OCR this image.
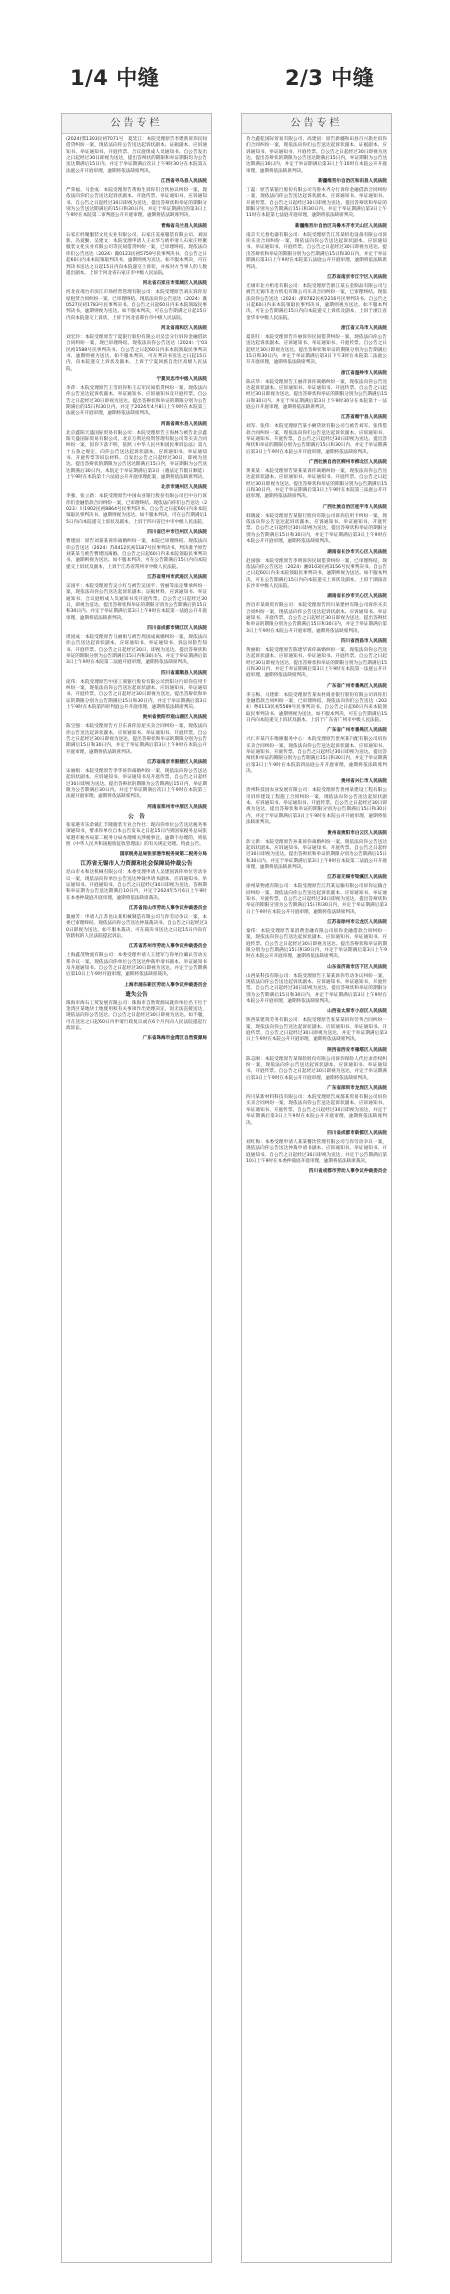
1/4 中缝	2/3 中缝
公告专栏
(2024)鄂1303民初7071号　夏廷江：本院受理原告李建新诉你民间借贷纠纷一案，现依法向你公告送达起诉状副本、证据副本、应诉通知书、举证通知书、开庭传票、合议庭组成人员通知书。自公告发出之日起经过30日即视为送达，提出答辩状的期限和举证期限均为公告送达期满后15日内。并定于举证期满后次日上午9时30分在本院第五法庭公开开庭审理，逾期将依法缺席判决。
江西省寻乌县人民法院
严荣福、马金成：本院受理原告黄海生诉你们合伙协议纠纷一案，现依法向你们公告送达起诉状副本、开庭传票、举证通知书、应诉通知书。自公告之日起经过30日即视为送达，提出答辩状和举证的期限分别为公告送达期满后的15日和30日内，并定于举证期满后的第3日上午9时在本院第二审判庭公开开庭审理，逾期将依法缺席判决。
青海省乌兰县人民法院
石家庄经聚服装文化实业有限公司、石家庄美豪服装有限公司、刘国新、冯爱勤、吴建文：本院受理申请人王永华与被申请人石家庄经聚服装文化实业有限公司等民间借贷纠纷一案，已审理终结。现依法向你们公告送达（2024）冀0123民初5759号民事判决书。自公告之日起60日内来本院领取判决书，逾期则视为送达。如不服本判决，可在判决书送达之日起15日内向本院递交上诉状，并按对方当事人的人数提出副本，上诉于河北省石家庄市中级人民法院。
河北省石家庄市栾城区人民法院
河北省邢台市滨江市场经营管理有限公司：本院受理原告刘庆诉你房屋租赁合同纠纷一案，已审理终结。现依法向你公告送达（2024）冀0527民初1783号民事判决书。自公告之日起60日内来本院领取民事判决书，逾期则视为送达。如不服本判决，可在公告期满之日起15日内向本院递交上诉状，上诉于河北省邢台市中级人民法院。
河北省南和区人民法院
刘宏玲：本院受理原告宁夏银行股份有限公司吴忠分行诉你金融借款合同纠纷一案，现已审理终结。现依法向你公告送达（2024）宁03民初1588号民事判决书。自公告之日起60日内来本院领取民事判决书，逾期则视为送达。如不服本判决，可在判决书送达之日起15日内，向本院递交上诉状及副本，上诉于宁夏回族自治区高级人民法院。
宁夏吴忠市中级人民法院
李萍：本院受理原告王雪诉你和王志军民间借贷纠纷一案，现依法向你公告送达起诉状副本、举证通知书、应诉通知书及开庭传票。自公告之日起经过30日即视为送达。提出答辩状和举证的期限分别为公告期满后的15日和30日内。并定于2024年4月8日上午9时在本院第三法庭公开开庭审理，逾期将依法缺席判决。
河南省商水县人民法院
北京鑫阳天盛国际贸易有限公司：本院受理原告王海林与被告北京鑫阳天盛国际贸易有限公司、北京万利达投资管理有限公司等买卖合同纠纷一案，因你下落不明，依照《中华人民共和国民事诉讼法》第九十五条之规定，向你公告送达起诉状副本、应诉通知书、举证通知书、开庭传票等诉讼材料。自发出公告之日起经过30日，即视为送达。提出答辩状的期限为公告送达期满后15日内，举证期限为公告送达期满后30日内。本院定于举证期满后第3日（遇法定节假日顺延）上午9时在本院第十六法庭公开开庭审理此案，逾期将依法缺席判决。
北京市通州区人民法院
李强、张立新：本院受理原告中国农业银行股份有限公司巴中分行诉你们金融借款合同纠纷一案，已审理终结。现依法向你们公告送达（2023）川1902民初8864号民事判决书。自公告之日起60日内来本院领取民事判决书，逾期则视为送达。如不服本判决，可在公告期满后15日内向本院递交上诉状及副本，上诉于四川省巴中市中级人民法院。
四川省巴中市巴州区人民法院
曹建国：原告刘某某诉你离婚纠纷一案，本院已审理终结。现依法向你公告送达（2024）苏0412民初1187号民事判决书，判决准予原告刘某某与被告曹建国离婚。自公告之日起60日内来本院领取民事判决书，逾期则视为送达。如不服本判决，可在公告期满后15日内向本院递交上诉状及副本，上诉于江苏省常州市中级人民法院。
江苏省常州市武进区人民法院
吴国平：本院受理原告吴小红与被告吴国平、曾丽等法定继承纠纷一案，现依法向你公告送达起诉状副本、证据材料、应诉通知书、举证通知书、合议庭组成人员通知书及开庭传票。自公告之日起经过30日，即视为送达。提出答辩状和举证的期限分别为公告期满后的15日和30日内。并定于举证期满后第3日上午9时在本院第一法庭公开开庭审理，逾期将依法缺席判决。
四川省成都市锦江区人民法院
周国成：本院受理原告马丽娟与被告周国成离婚纠纷一案，现依法向你公告送达起诉状副本、应诉通知书、举证通知书、诉讼风险告知书、开庭传票。自公告之日起经过30日，即视为送达。提出答辩状和举证的期限分别为公告期满后15日内和30日内。并定于举证期满后第3日上午9时在本院第二法庭开庭审理，逾期将依法缺席判决。
四川省富顺县人民法院
庞伟：本院受理原告中国工商银行股份有限公司贵阳分行诉你信用卡纠纷一案，现依法向你公告送达起诉状副本、应诉通知书、举证通知书、开庭传票。自公告之日起经过30日即视为送达。提出答辩状和举证的期限分别为公告期满后15日和30日内，并定于举证期满后第3日上午9时在本院第四审判庭公开开庭审理，逾期将依法缺席判决。
贵州省贵阳市观山湖区人民法院
陈宝强：本院受理原告方卫东诉你房屋买卖合同纠纷一案，现依法向你公告送达起诉状副本、应诉通知书、举证通知书、开庭传票。自公告之日起经过30日即视为送达，提出答辩状和举证的期限分别为公告期满后15日和30日内，并定于举证期满后第3日上午9时在本院公开开庭审理，逾期将依法缺席判决。
江苏省南京市鼓楼区人民法院
宋丽娟：本院受理原告李华诉你离婚纠纷一案，现依法向你公告送达起诉状副本、应诉通知书、举证通知书及开庭传票。自公告之日起经过30日即视为送达。提出答辩状的期限为公告期满后15日内，举证期限为公告期满后30日内。并定于举证期满后次日上午9时在本院第三法庭开庭审理，逾期将依法缺席判决。
河南省郑州市中原区人民法院
公　告
张家港市乐余镇汇丰隆服装专业合作社：现向你单位公告送达税务事项通知书，要求你单位自本公告发布之日起15日内到国家税务总局张家港市税务局第二税务分局办理相关涉税事宜。逾期不办理的，将依照《中华人民共和国税收征收管理法》的有关规定处理。特此公告。
国家税务总局张家港市税务局第二税务分局
江苏省无锡市人力资源和社会保障局仲裁公告
昆山市永和达机械有限公司：本委受理申请人吴建国诉你单位劳动争议一案，现依法向你单位公告送达仲裁申请书副本、应诉通知书、举证通知书、开庭通知书。自公告之日起经过30日即视为送达，答辩期和举证期为公告送达期满后10日内，并定于2024年5月6日上午9时在本委仲裁庭开庭审理，逾期将依法缺席裁决。
江苏省昆山市劳动人事争议仲裁委员会
冀丽芳：申请人江苏昆山某机械制造有限公司与你劳动争议一案，本委已审理终结。现依法向你公告送达仲裁裁决书。自公告之日起经过30日即视为送达。如不服本裁决，可在裁决书送达之日起15日内向有管辖权的人民法院提起诉讼。
江苏省苏州市劳动人事争议仲裁委员会
上海鑫茂物流有限公司：本委受理申请人王建军与你单位确认劳动关系争议一案，现依法向你单位公告送达仲裁申请书副本、举证通知书及开庭通知书。自公告之日起经过30日即视为送达，并定于公告期满后第10日上午9时开庭审理，逾期将依法缺席裁决。
上海市浦东新区劳动人事争议仲裁委员会
遗失公告
珠海市海石工贸发展有限公司：珠海市自然资源局就你单位名下位于金湾区某地块土地使用权有关事项作出处理决定。因无法直接送达，现依法向你公告送达。自公告之日起经过30日即视为送达。如不服，可在送达之日起60日内申请行政复议或在6个月内向人民法院提起行政诉讼。
广东省珠海市金湾区自然资源局
公告专栏
肯合鑫乾国际贸易有限公司、高建国：原告新疆和田县百兴旅社诉你们合同纠纷一案，现依法向你们公告送达起诉状副本、证据副本、应诉通知书、举证通知书、开庭传票。自公告之日起经过30日即视为送达。提出答辩状的期限为公告送达期满后15日内，举证期限为公告送达期满后30日内，并定于举证期满后第3日上午10时在本院公开开庭审理，逾期将依法缺席判决。
新疆维吾尔自治区和田县人民法院
丁磊：原告某银行股份有限公司乌鲁木齐分行诉你金融借款合同纠纷一案，现依法向你公告送达起诉状副本、应诉通知书、举证通知书、开庭传票。自公告之日起经过30日即视为送达。提出答辩状和举证的期限分别为公告期满后15日和30日内。并定于举证期满后第3日上午11时在本院第七法庭开庭审理，逾期将依法缺席判决。
新疆维吾尔自治区乌鲁木齐市天山区人民法院
南京天元春电器有限公司：本院受理原告江苏某机电设备有限公司诉你买卖合同纠纷一案，现依法向你公告送达起诉状副本、应诉通知书、举证通知书、开庭传票。自公告之日起经过30日即视为送达。提出答辩状和举证的期限分别为公告期满后15日和30日内，并定于举证期满后第3日上午9时在本院第五法庭公开开庭审理，逾期将依法缺席判决。
江苏省南京市江宁区人民法院
无锡市北方机电有限公司：本院受理原告浙江某五金制品有限公司与被告无锡市北方机电有限公司买卖合同纠纷一案，已审理终结。现依法向你公告送达（2024）浙0782民初2216号民事判决书。自公告之日起60日内来本院领取民事判决书，逾期则视为送达。如不服本判决，可在公告期满后15日内向本院递交上诉状及副本，上诉于浙江省金华市中级人民法院。
浙江省义乌市人民法院
夏旺旺：本院受理原告许丽诉你民间借贷纠纷一案，现依法向你公告送达起诉状副本、应诉通知书、举证通知书、开庭传票。自公告之日起经过30日即视为送达。提出答辩状和举证的期限分别为公告期满后15日和30日内，并定于举证期满后第3日下午3时在本院第二法庭公开开庭审理，逾期将依法缺席判决。
浙江省温岭市人民法院
陈庆华：本院受理原告王丽萍诉你离婚纠纷一案，现依法向你公告送达起诉状副本、应诉通知书、举证通知书、开庭传票。自公告之日起经过30日即视为送达。提出答辩状和举证的期限分别为公告期满后15日和30日内。并定于举证期满后第3日上午9时30分在本院第十一法庭公开开庭审理，逾期将依法缺席判决。
江苏省睢宁县人民法院
刘军、张伟：本院受理原告某小额贷款有限公司与被告刘军、张伟借款合同纠纷一案，现依法向你们公告送达起诉状副本、应诉通知书、举证通知书、开庭传票。自公告之日起经过30日即视为送达。提出答辩状和举证的期限分别为公告期满后15日和30日内，并定于举证期满后第3日上午9时在本院公开开庭审理，逾期将依法缺席判决。
广西壮族自治区柳州市柳北区人民法院
黄某某：本院受理原告梁某某诉你离婚纠纷一案，现依法向你公告送达起诉状副本、应诉通知书、举证通知书、开庭传票。自公告之日起经过30日即视为送达。提出答辩状和举证的期限分别为公告期满后15日和30日内，并定于举证期满后第3日上午9时在本院第三法庭公开开庭审理，逾期将依法缺席判决。
广西壮族自治区桂平市人民法院
韩晓波：本院受理原告某银行股份有限公司诉你信用卡纠纷一案，现依法向你公告送达起诉状副本、应诉通知书、举证通知书、开庭传票。自公告之日起经过30日即视为送达。提出答辩状和举证的期限分别为公告期满后15日和30日内，并定于举证期满后第3日上午9时在本院公开开庭审理，逾期将依法缺席判决。
湖南省长沙市天心区人民法院
赵国强：本院受理原告李明诉你民间借贷纠纷一案，已审理终结。现依法向你公告送达（2024）湘0103民初3156号民事判决书。自公告之日起60日内来本院领取民事判决书，逾期则视为送达。如不服本判决，可在公告期满后15日内向本院递交上诉状及副本，上诉于湖南省长沙市中级人民法院。
湖南省长沙市天心区人民法院
西昌市某商贸有限公司：本院受理原告四川某建材有限公司诉你买卖合同纠纷一案，现依法向你公告送达起诉状副本、应诉通知书、举证通知书、开庭传票。自公告之日起经过30日即视为送达。提出答辩状和举证的期限分别为公告期满后15日和30日内，并定于举证期满后第3日上午9时在本院公开开庭审理，逾期将依法缺席判决。
四川省西昌市人民法院
黄丽娟：本院受理原告陈建华诉你离婚纠纷一案，现依法向你公告送达起诉状副本、应诉通知书、举证通知书、开庭传票。自公告之日起经过30日即视为送达。提出答辩状和举证的期限分别为公告期满后15日和30日内，并定于举证期满后第3日上午9时在本院第一法庭公开开庭审理，逾期将依法缺席判决。
广东省广州市番禺区人民法院
李玉梅、马建新：本院受理原告某农村商业银行股份有限公司诉你们金融借款合同纠纷一案，已审理终结。现依法向你们公告送达（2024）粤0113民初5589号民事判决书。自公告之日起60日内来本院领取民事判决书，逾期则视为送达。如不服本判决，可在公告期满后15日内向本院递交上诉状及副本，上诉于广东省广州市中级人民法院。
广东省广州市番禺区人民法院
兴仁市某汽车维修服务中心：本院受理原告贵州某汽配有限公司诉你买卖合同纠纷一案，现依法向你公告送达起诉状副本、应诉通知书、举证通知书、开庭传票。自公告之日起经过30日即视为送达。提出答辩状和举证的期限分别为公告期满后15日和30日内，并定于举证期满后第3日上午9时在本院第四法庭公开开庭审理，逾期将依法缺席判决。
贵州省兴仁市人民法院
贵州科技园农业发展有限公司：本院受理原告贵州某建设工程有限公司诉你建设工程施工合同纠纷一案，现依法向你公告送达起诉状副本、应诉通知书、举证通知书、开庭传票。自公告之日起经过30日即视为送达。提出答辩状和举证的期限分别为公告期满后15日和30日内，并定于举证期满后第3日上午9时在本院公开开庭审理，逾期将依法缺席判决。
贵州省贵阳市白云区人民法院
彭立新：本院受理原告孙某诉你离婚纠纷一案，现依法向你公告送达起诉状副本、应诉通知书、举证通知书、开庭传票。自公告之日起经过30日即视为送达。提出答辩状和举证的期限分别为公告期满后15日和30日内，并定于举证期满后第3日上午9时在本院第二法庭公开开庭审理，逾期将依法缺席判决。
江苏省无锡市梁溪区人民法院
徐州某物流有限公司：本院受理原告江苏某运输有限公司诉你运输合同纠纷一案，现依法向你公告送达起诉状副本、应诉通知书、举证通知书、开庭传票。自公告之日起经过30日即视为送达。提出答辩状和举证的期限分别为公告期满后15日和30日内，并定于举证期满后第3日上午9时在本院公开开庭审理，逾期将依法缺席判决。
江苏省徐州市云龙区人民法院
秦伟：本院受理原告某消费金融有限公司诉你金融借款合同纠纷一案，现依法向你公告送达起诉状副本、应诉通知书、举证通知书、开庭传票。自公告之日起经过30日即视为送达。提出答辩状和举证的期限分别为公告期满后15日和30日内，并定于举证期满后第3日上午9时在本院公开开庭审理，逾期将依法缺席判决。
山东省济南市历下区人民法院
山西某科技有限公司：本院受理原告王某某诉你劳动争议纠纷一案，现依法向你公告送达起诉状副本、应诉通知书、举证通知书、开庭传票。自公告之日起经过30日即视为送达。提出答辩状和举证的期限分别为公告期满后15日和30日内，并定于举证期满后第3日上午9时在本院公开开庭审理，逾期将依法缺席判决。
山西省太原市小店区人民法院
陕西某建筑劳务有限公司：本院受理原告张某某诉你劳务合同纠纷一案，现依法向你公告送达起诉状副本、应诉通知书、举证通知书、开庭传票。自公告之日起经过30日即视为送达，并定于举证期满后第3日上午9时在本院公开开庭审理，逾期将依法缺席判决。
陕西省西安市雁塔区人民法院
陈志刚：本院受理原告某保险股份有限公司诉你保险人代位求偿权纠纷一案，现依法向你公告送达起诉状副本、应诉通知书、举证通知书、开庭传票。自公告之日起经过30日即视为送达，并定于举证期满后第3日上午9时在本院公开开庭审理，逾期将依法缺席判决。
广东省深圳市龙岗区人民法院
四川某新材料科技有限公司：本院受理原告成都某贸易有限公司诉你买卖合同纠纷一案，现依法向你公告送达起诉状副本、应诉通知书、举证通知书、开庭传票。自公告之日起经过30日即视为送达，并定于举证期满后第3日上午9时在本院公开开庭审理，逾期将依法缺席判决。
四川省成都市新都区人民法院
刘红梅：本委受理申请人某某餐饮管理有限公司与你劳动争议一案，现依法向你公告送达仲裁申请书副本、应诉通知书、举证通知书、开庭通知书。自公告之日起经过30日即视为送达，并定于公告期满后第10日上午9时在本委仲裁庭开庭审理，逾期将依法缺席裁决。
四川省成都市劳动人事争议仲裁委员会
